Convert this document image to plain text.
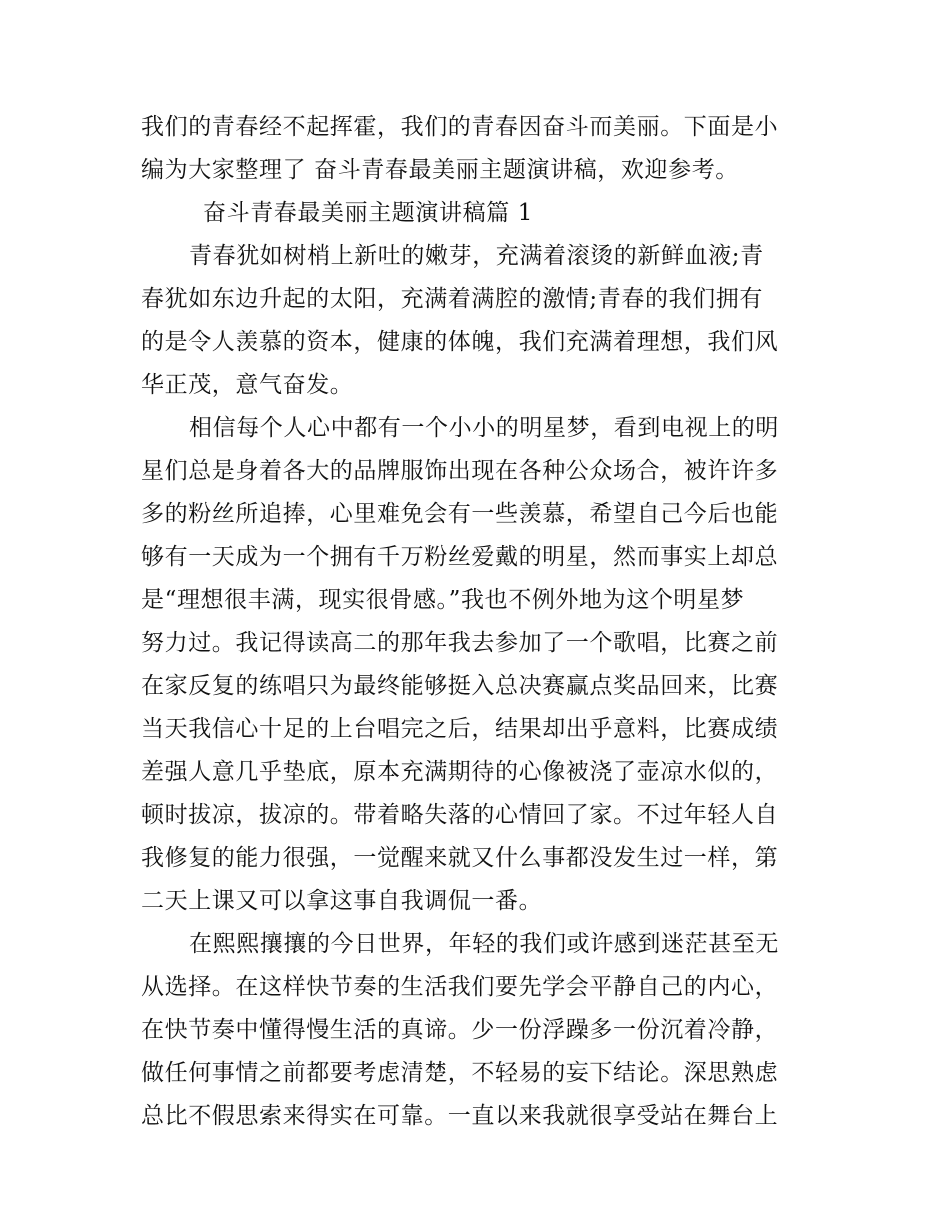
我们的青春经不起挥霍，我们的青春因奋斗而美丽。下面是小
编为大家整理了 奋斗青春最美丽主题演讲稿，欢迎参考。
奋斗青春最美丽主题演讲稿篇 1
青春犹如树梢上新吐的嫩芽，充满着滚烫的新鲜血液;青
春犹如东边升起的太阳，充满着满腔的激情;青春的我们拥有
的是令人羡慕的资本，健康的体魄，我们充满着理想，我们风
华正茂，意气奋发。
相信每个人心中都有一个小小的明星梦，看到电视上的明
星们总是身着各大的品牌服饰出现在各种公众场合，被许许多
多的粉丝所追捧，心里难免会有一些羡慕，希望自己今后也能
够有一天成为一个拥有千万粉丝爱戴的明星，然而事实上却总
是“理想很丰满，现实很骨感。”我也不例外地为这个明星梦
努力过。我记得读高二的那年我去参加了一个歌唱，比赛之前
在家反复的练唱只为最终能够挺入总决赛赢点奖品回来，比赛
当天我信心十足的上台唱完之后，结果却出乎意料，比赛成绩
差强人意几乎垫底，原本充满期待的心像被浇了壶凉水似的，
顿时拔凉，拔凉的。带着略失落的心情回了家。不过年轻人自
我修复的能力很强，一觉醒来就又什么事都没发生过一样，第
二天上课又可以拿这事自我调侃一番。
在熙熙攘攘的今日世界，年轻的我们或许感到迷茫甚至无
从选择。在这样快节奏的生活我们要先学会平静自己的内心，
在快节奏中懂得慢生活的真谛。少一份浮躁多一份沉着冷静，
做任何事情之前都要考虑清楚，不轻易的妄下结论。深思熟虑
总比不假思索来得实在可靠。一直以来我就很享受站在舞台上
